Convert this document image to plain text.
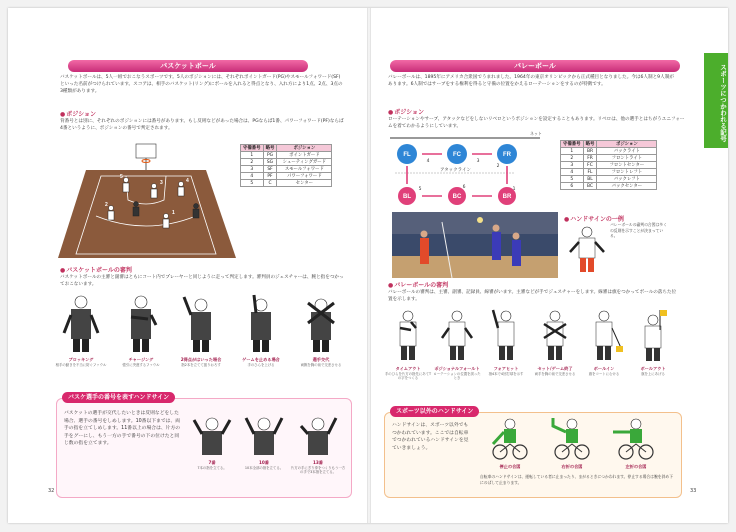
バスケットボール
バスケットボールは、5人一組でおこなうスポーツです。5人のポジションには、それぞれポイントガード(PG)やスモールフォワード(SF)といった名前がつけられています。スコアは、相手のバスケット(リング)にボールを入れると得点となり、入れ方により1点、2点、3点の3種類があります。
● ポジション
背番号とは別に、それぞれのポジションには番号があります。もし反則などがあった場合は、PGならば1番、パワーフォワード(PF)ならば4番というように、ポジションの番号で判定されます。
5
3	4
2
1
守備番号	略号	ポジション
1	PG	ポイントガード
2	SG	シューティングガード
3	SF	スモールフォワード
4	PF	パワーフォワード
5	C	センター
● バスケットボールの審判
バスケットボールの主審と副審はともにコート内でプレーヤーと同じように走って判定します。審判員のジェスチャーは、腕と指をつかっておこないます。
ブロッキング
相手の動きを不当に防ぐファウル
チャージング
強引に突進するファウル
2得点がはいった場合
指2本を立てて振りおろす
ゲームを止める場合
手のひらを上げる
選手交代
両腕を胸の前で交差させる
バスケ選手の番号を表すハンドサイン
バスケットの選手が交代したいときは反則などをした場合、選手の番号をしめします。10番以下までは、両手の指を立てしめします。11番以上の場合は、片方の手をグーにし、もう一方の手で番号の下の位けたと同じ数の指を立てます。
7番
7本の指を立てる。
10番
10本全部の指を立てる。
13番
片方の手にぎり拳をつくりもう一方の手で3本指を立てる。
32
バレーボール	スポーツにつかわれる記号
バレーボールは、1895年にアメリカ合衆国でうまれました。1964年の東京オリンピックから正式種目となりました。今は6人制と9人制があります。6人制ではサーブをする権利を得ると守備の位置をかえるローテーションをするのが特徴です。
● ポジション
ローテーションやサーブ、アタックなどをしないリベロというポジションを設定することもあります。リベロは、他の選手とはちがうユニフォームを着てわかるようにしています。
ネット
アタックライン
FL	FC	FR
BL	BC	BR
4	3
2
5	6	1
守備番号	略号	ポジション
1	BR	バックライト
2	FR	フロントライト
3	FC	フロントセンター
4	FL	フロントレフト
5	BL	バックレフト
6	BC	バックセンター
● ハンドサインの一例
バレーボールの審判の合図は多くの反則を示すことが決まっている。
● バレーボールの審判
バレーボールの審判は、主審、副審、記録員、線審がいます。主審などが手でジェスチャーをします。線審は旗をつかってボールの落ちた位置を示します。
タイムアウト
手のひらを片方の指先にあてTの字をつくる
ポジショナルフォールト
ローテーションの位置を誤ったとき
フォアヒット
指4本で4回打球を示す
セット/ゲーム終了
両手を胸の前で交差させる
ボールイン
旗をコートにむける
ボールアウト
旗を上にあげる
スポーツ以外のハンドサイン
ハンドサインは、スポーツ以外でもつかわれています。ここでは自転車でつかわれているハンドサインを見ていきましょう。
停止の合図	右折の合図	左折の合図
自転車のハンドサインは、運転している者に止まったり、まがるときにつかわれます。停止する場合は腕を斜め下にのばして止まります。
33
